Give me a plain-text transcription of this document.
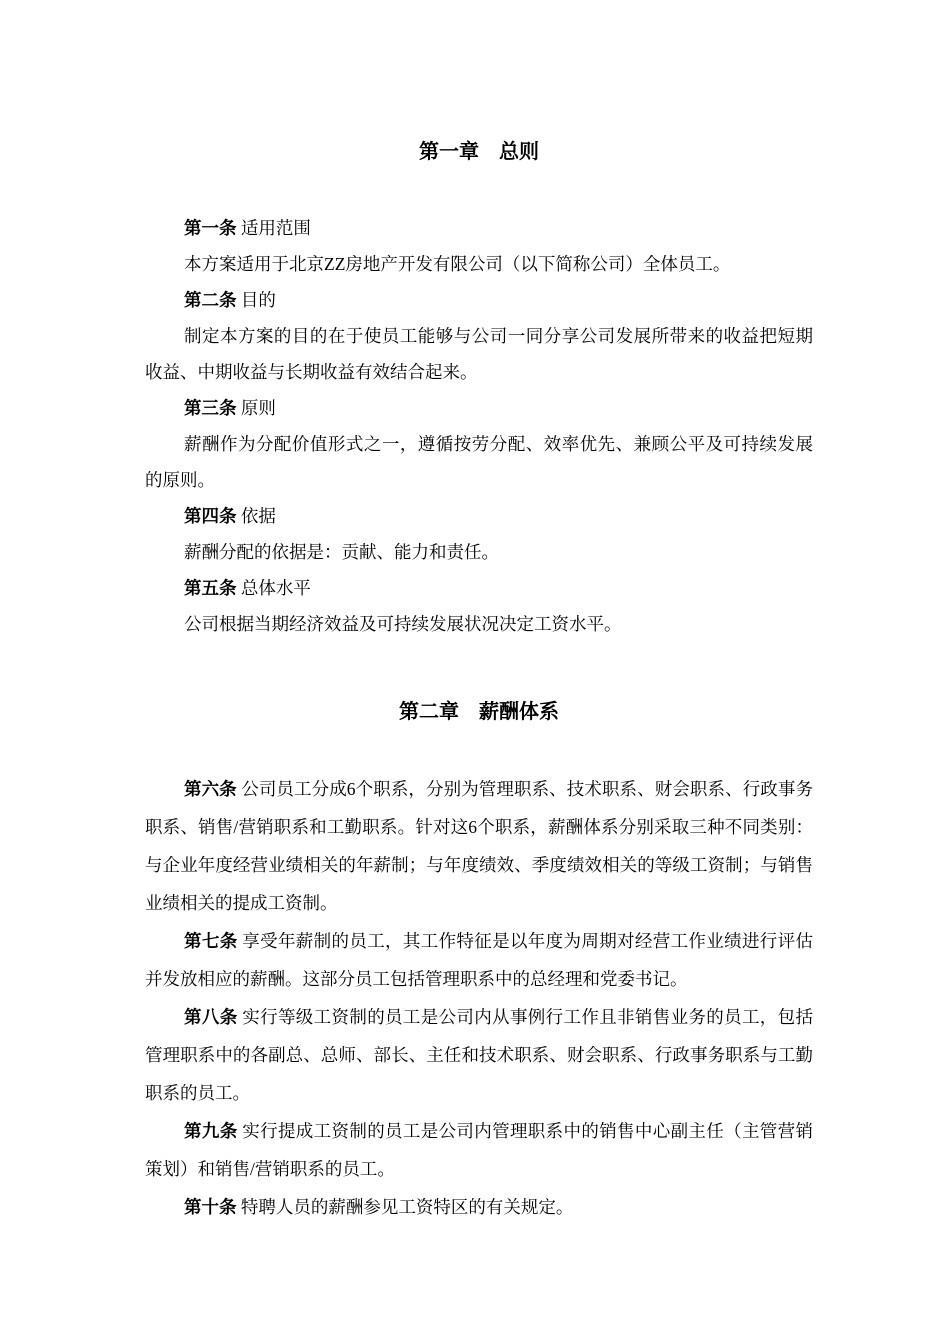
第一章    总则

第一条 适用范围

本方案适用于北京ZZ房地产开发有限公司（以下简称公司）全体员工。

第二条 目的

制定本方案的目的在于使员工能够与公司一同分享公司发展所带来的收益把短期收益、中期收益与长期收益有效结合起来。

第三条 原则

薪酬作为分配价值形式之一，遵循按劳分配、效率优先、兼顾公平及可持续发展的原则。

第四条 依据

薪酬分配的依据是：贡献、能力和责任。

第五条 总体水平

公司根据当期经济效益及可持续发展状况决定工资水平。

第二章    薪酬体系

第六条 公司员工分成6个职系，分别为管理职系、技术职系、财会职系、行政事务职系、销售/营销职系和工勤职系。针对这6个职系，薪酬体系分别采取三种不同类别：与企业年度经营业绩相关的年薪制；与年度绩效、季度绩效相关的等级工资制；与销售业绩相关的提成工资制。

第七条 享受年薪制的员工，其工作特征是以年度为周期对经营工作业绩进行评估并发放相应的薪酬。这部分员工包括管理职系中的总经理和党委书记。

第八条 实行等级工资制的员工是公司内从事例行工作且非销售业务的员工，包括管理职系中的各副总、总师、部长、主任和技术职系、财会职系、行政事务职系与工勤职系的员工。

第九条 实行提成工资制的员工是公司内管理职系中的销售中心副主任（主管营销策划）和销售/营销职系的员工。

第十条 特聘人员的薪酬参见工资特区的有关规定。
